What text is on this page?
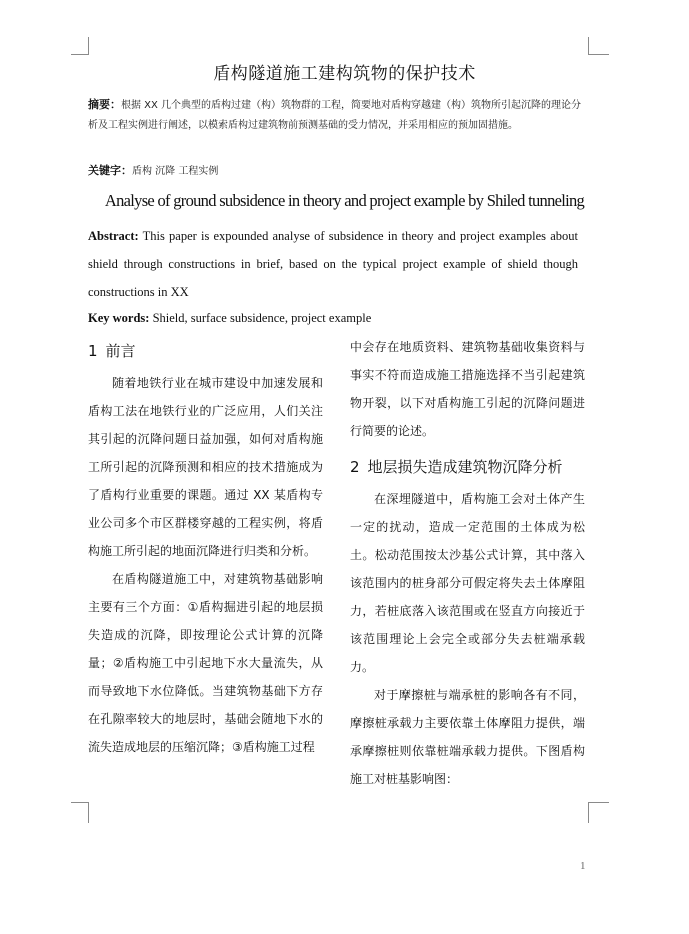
盾构隧道施工建构筑物的保护技术
摘要：根据 XX 几个典型的盾构过建（构）筑物群的工程，简要地对盾构穿越建（构）筑物所引起沉降的理论分析及工程实例进行阐述，以模索盾构过建筑物前预测基础的受力情况，并采用相应的预加固措施。
关键字：盾构 沉降 工程实例
Analyse of ground subsidence in theory and project example by Shiled tunneling
Abstract: This paper is expounded analyse of subsidence in theory and project examples about shield through constructions in brief, based on the typical project example of shield though constructions in XX
Key words: Shield, surface subsidence, project example
1 前言

随着地铁行业在城市建设中加速发展和盾构工法在地铁行业的广泛应用，人们关注其引起的沉降问题日益加强，如何对盾构施工所引起的沉降预测和相应的技术措施成为了盾构行业重要的课题。通过 XX 某盾构专业公司多个市区群楼穿越的工程实例，将盾构施工所引起的地面沉降进行归类和分析。

在盾构隧道施工中，对建筑物基础影响主要有三个方面：①盾构掘进引起的地层损失造成的沉降，即按理论公式计算的沉降量；②盾构施工中引起地下水大量流失，从而导致地下水位降低。当建筑物基础下方存在孔隙率较大的地层时，基础会随地下水的流失造成地层的压缩沉降；③盾构施工过程

中会存在地质资料、建筑物基础收集资料与事实不符而造成施工措施选择不当引起建筑物开裂，以下对盾构施工引起的沉降问题进行简要的论述。

2 地层损失造成建筑物沉降分析

在深埋隧道中，盾构施工会对土体产生一定的扰动，造成一定范围的土体成为松土。松动范围按太沙基公式计算，其中落入该范围内的桩身部分可假定将失去土体摩阻力，若桩底落入该范围或在竖直方向接近于该范围理论上会完全或部分失去桩端承载力。

对于摩擦桩与端承桩的影响各有不同，摩擦桩承载力主要依靠土体摩阻力提供，端承摩擦桩则依靠桩端承载力提供。下图盾构施工对桩基影响图：

1
